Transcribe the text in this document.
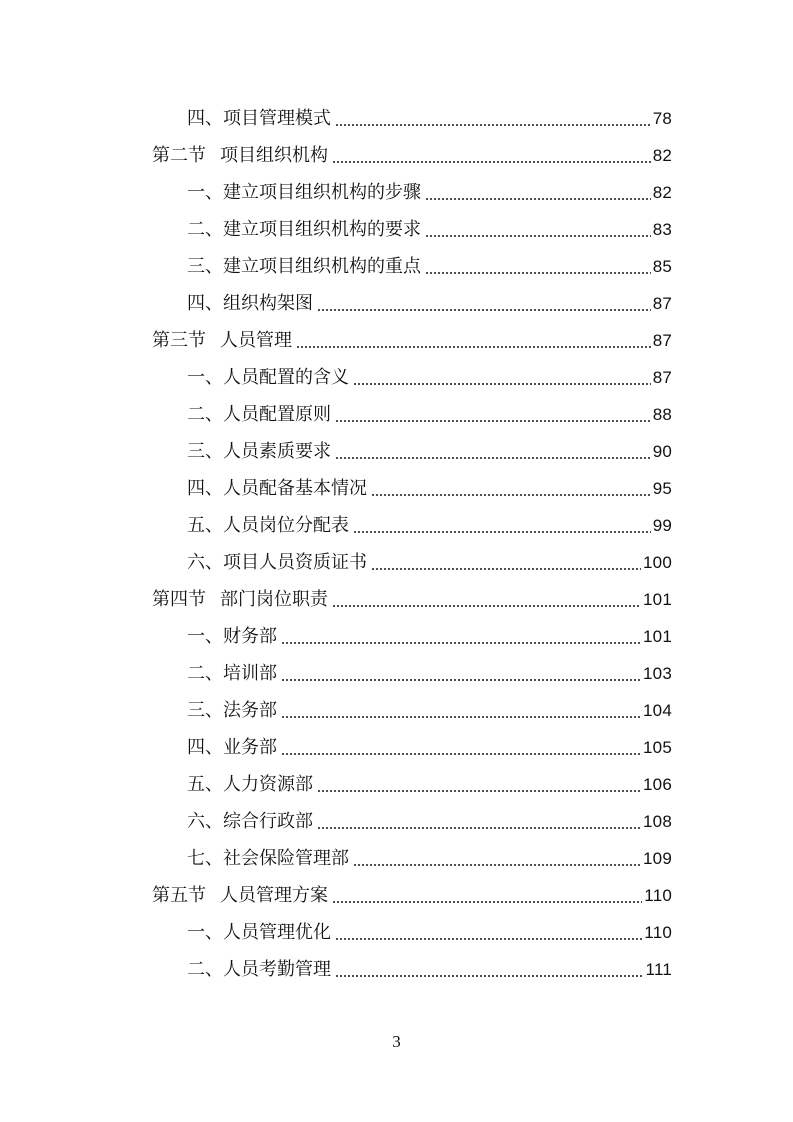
四、 项目管理模式	78
第二节 项目组织机构	82
一、 建立项目组织机构的步骤	82
二、 建立项目组织机构的要求	83
三、 建立项目组织机构的重点	85
四、 组织构架图	87
第三节 人员管理	87
一、 人员配置的含义	87
二、 人员配置原则	88
三、 人员素质要求	90
四、 人员配备基本情况	95
五、 人员岗位分配表	99
六、 项目人员资质证书	100
第四节 部门岗位职责	101
一、 财务部	101
二、 培训部	103
三、 法务部	104
四、 业务部	105
五、 人力资源部	106
六、 综合行政部	108
七、 社会保险管理部	109
第五节 人员管理方案	110
一、 人员管理优化	110
二、 人员考勤管理	111
3
